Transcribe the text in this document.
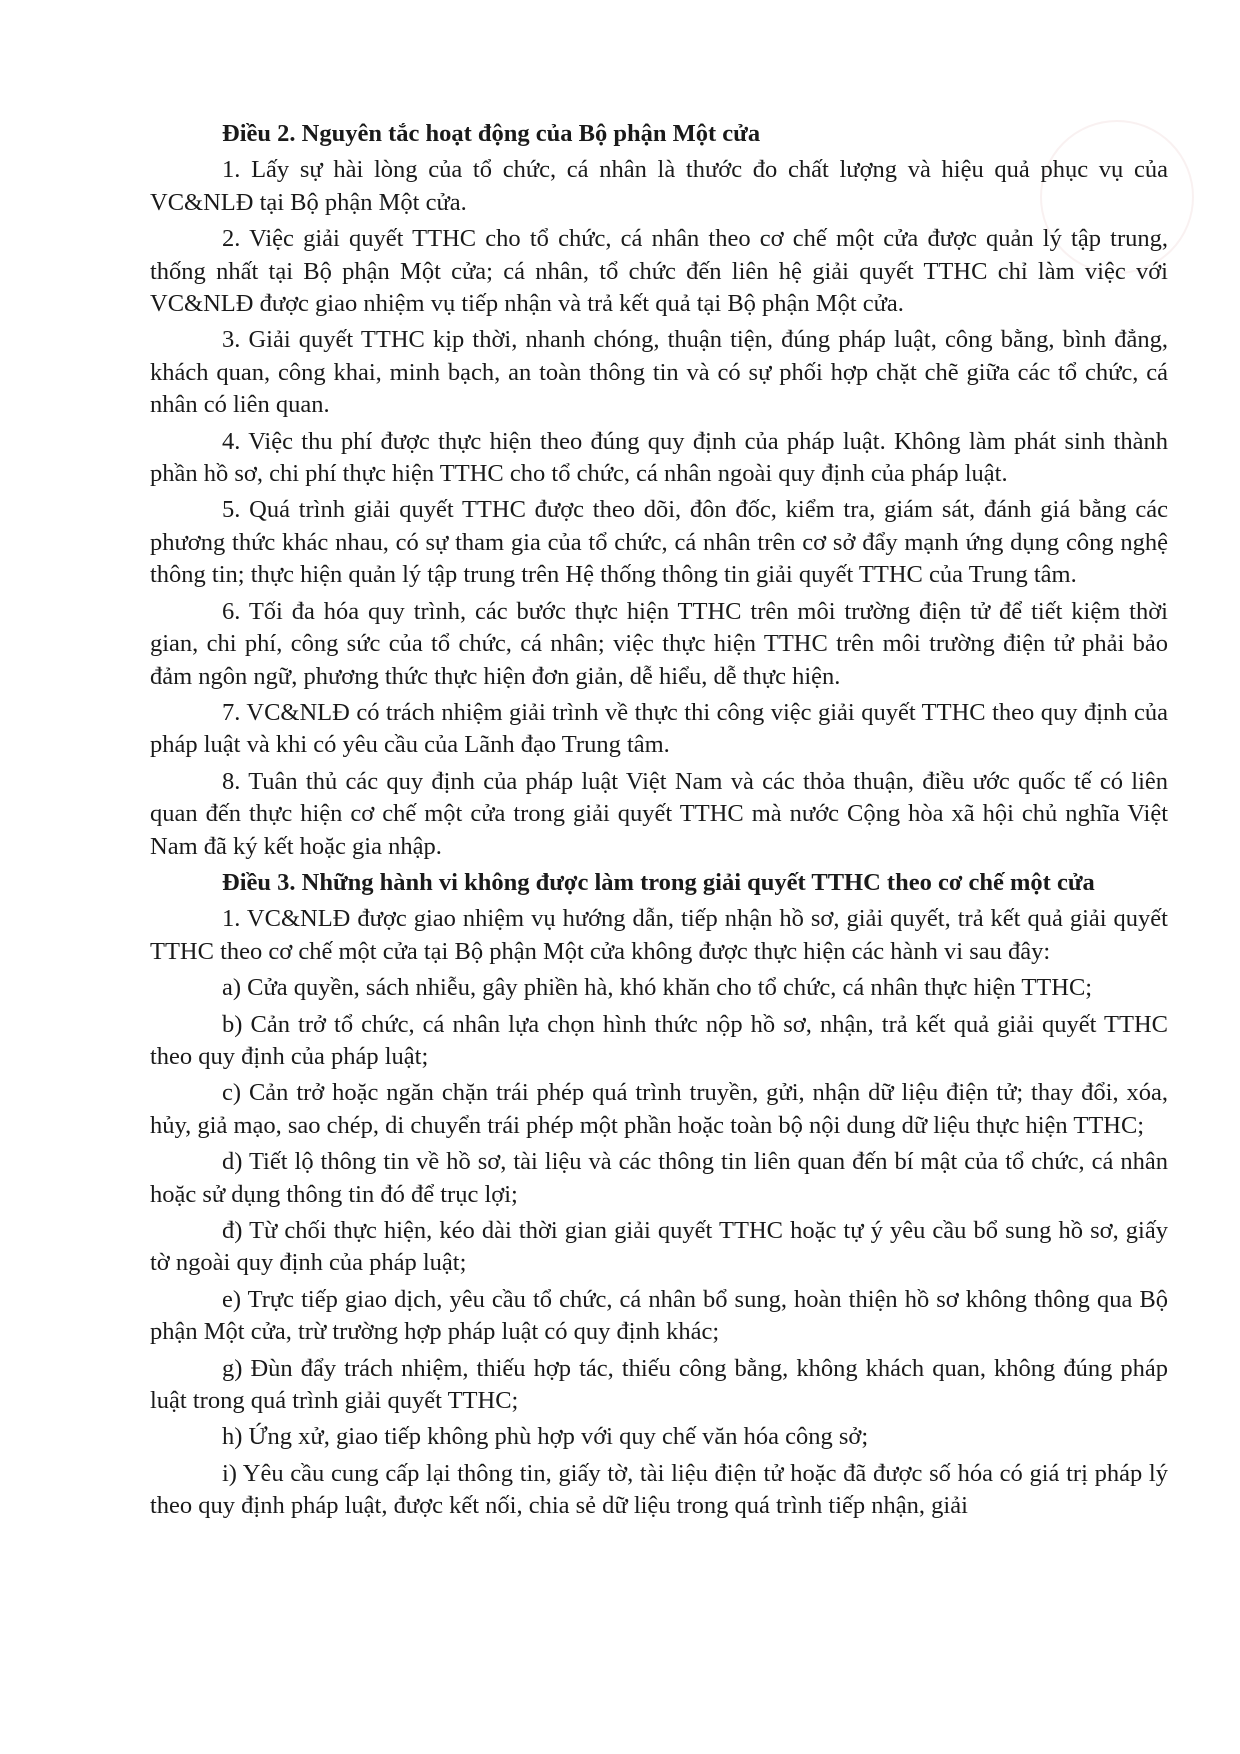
Điều 2. Nguyên tắc hoạt động của Bộ phận Một cửa
1. Lấy sự hài lòng của tổ chức, cá nhân là thước đo chất lượng và hiệu quả phục vụ của VC&NLĐ tại Bộ phận Một cửa.
2. Việc giải quyết TTHC cho tổ chức, cá nhân theo cơ chế một cửa được quản lý tập trung, thống nhất tại Bộ phận Một cửa; cá nhân, tổ chức đến liên hệ giải quyết TTHC chỉ làm việc với VC&NLĐ được giao nhiệm vụ tiếp nhận và trả kết quả tại Bộ phận Một cửa.
3. Giải quyết TTHC kịp thời, nhanh chóng, thuận tiện, đúng pháp luật, công bằng, bình đẳng, khách quan, công khai, minh bạch, an toàn thông tin và có sự phối hợp chặt chẽ giữa các tổ chức, cá nhân có liên quan.
4. Việc thu phí được thực hiện theo đúng quy định của pháp luật. Không làm phát sinh thành phần hồ sơ, chi phí thực hiện TTHC cho tổ chức, cá nhân ngoài quy định của pháp luật.
5. Quá trình giải quyết TTHC được theo dõi, đôn đốc, kiểm tra, giám sát, đánh giá bằng các phương thức khác nhau, có sự tham gia của tổ chức, cá nhân trên cơ sở đẩy mạnh ứng dụng công nghệ thông tin; thực hiện quản lý tập trung trên Hệ thống thông tin giải quyết TTHC của Trung tâm.
6. Tối đa hóa quy trình, các bước thực hiện TTHC trên môi trường điện tử để tiết kiệm thời gian, chi phí, công sức của tổ chức, cá nhân; việc thực hiện TTHC trên môi trường điện tử phải bảo đảm ngôn ngữ, phương thức thực hiện đơn giản, dễ hiểu, dễ thực hiện.
7. VC&NLĐ có trách nhiệm giải trình về thực thi công việc giải quyết TTHC theo quy định của pháp luật và khi có yêu cầu của Lãnh đạo Trung tâm.
8. Tuân thủ các quy định của pháp luật Việt Nam và các thỏa thuận, điều ước quốc tế có liên quan đến thực hiện cơ chế một cửa trong giải quyết TTHC mà nước Cộng hòa xã hội chủ nghĩa Việt Nam đã ký kết hoặc gia nhập.
Điều 3. Những hành vi không được làm trong giải quyết TTHC theo cơ chế một cửa
1. VC&NLĐ được giao nhiệm vụ hướng dẫn, tiếp nhận hồ sơ, giải quyết, trả kết quả giải quyết TTHC theo cơ chế một cửa tại Bộ phận Một cửa không được thực hiện các hành vi sau đây:
a) Cửa quyền, sách nhiễu, gây phiền hà, khó khăn cho tổ chức, cá nhân thực hiện TTHC;
b) Cản trở tổ chức, cá nhân lựa chọn hình thức nộp hồ sơ, nhận, trả kết quả giải quyết TTHC theo quy định của pháp luật;
c) Cản trở hoặc ngăn chặn trái phép quá trình truyền, gửi, nhận dữ liệu điện tử; thay đổi, xóa, hủy, giả mạo, sao chép, di chuyển trái phép một phần hoặc toàn bộ nội dung dữ liệu thực hiện TTHC;
d) Tiết lộ thông tin về hồ sơ, tài liệu và các thông tin liên quan đến bí mật của tổ chức, cá nhân hoặc sử dụng thông tin đó để trục lợi;
đ) Từ chối thực hiện, kéo dài thời gian giải quyết TTHC hoặc tự ý yêu cầu bổ sung hồ sơ, giấy tờ ngoài quy định của pháp luật;
e) Trực tiếp giao dịch, yêu cầu tổ chức, cá nhân bổ sung, hoàn thiện hồ sơ không thông qua Bộ phận Một cửa, trừ trường hợp pháp luật có quy định khác;
g) Đùn đẩy trách nhiệm, thiếu hợp tác, thiếu công bằng, không khách quan, không đúng pháp luật trong quá trình giải quyết TTHC;
h) Ứng xử, giao tiếp không phù hợp với quy chế văn hóa công sở;
i) Yêu cầu cung cấp lại thông tin, giấy tờ, tài liệu điện tử hoặc đã được số hóa có giá trị pháp lý theo quy định pháp luật, được kết nối, chia sẻ dữ liệu trong quá trình tiếp nhận, giải
